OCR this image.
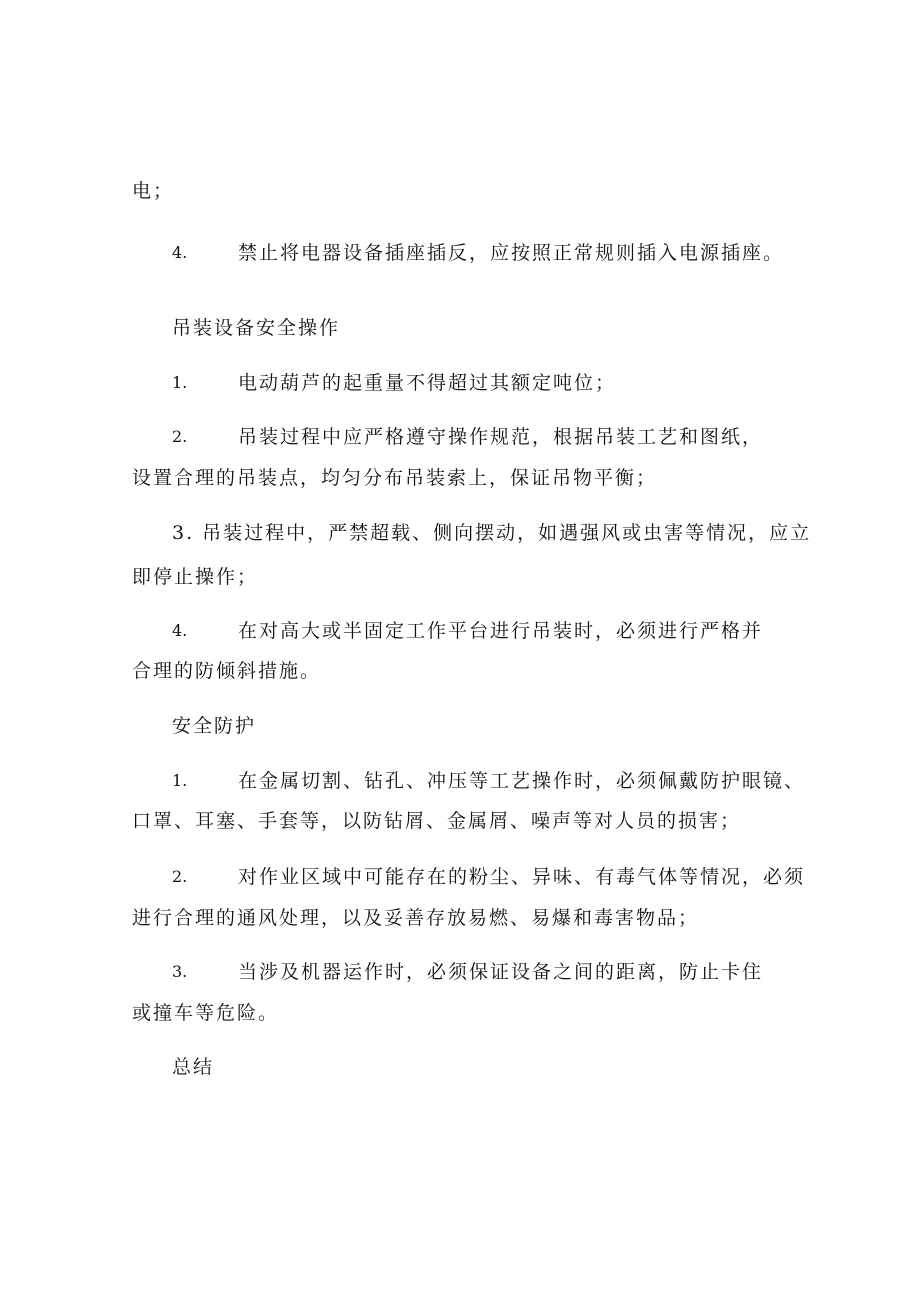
电；
4.	禁止将电器设备插座插反，应按照正常规则插入电源插座。
吊装设备安全操作
1.	电动葫芦的起重量不得超过其额定吨位；
2.	吊装过程中应严格遵守操作规范，根据吊装工艺和图纸，
设置合理的吊装点，均匀分布吊装索上，保证吊物平衡；
3. 吊装过程中，严禁超载、侧向摆动，如遇强风或虫害等情况，应立
即停止操作；
4.	在对高大或半固定工作平台进行吊装时，必须进行严格并
合理的防倾斜措施。
安全防护
1.	在金属切割、钻孔、冲压等工艺操作时，必须佩戴防护眼镜、
口罩、耳塞、手套等，以防钻屑、金属屑、噪声等对人员的损害；
2.	对作业区域中可能存在的粉尘、异味、有毒气体等情况，必须
进行合理的通风处理，以及妥善存放易燃、易爆和毒害物品；
3.	当涉及机器运作时，必须保证设备之间的距离，防止卡住
或撞车等危险。
总结
